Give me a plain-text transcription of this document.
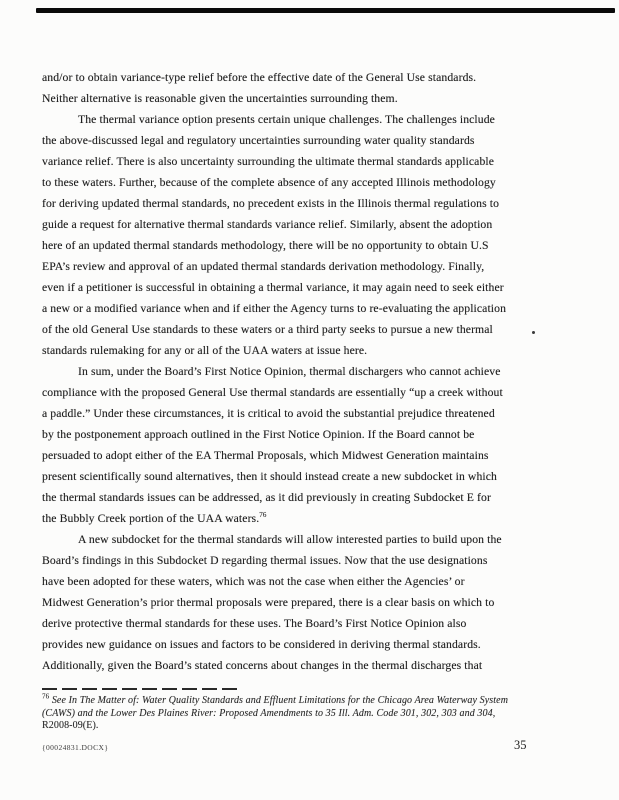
and/or to obtain variance-type relief before the effective date of the General Use standards.
Neither alternative is reasonable given the uncertainties surrounding them.
The thermal variance option presents certain unique challenges. The challenges include
the above-discussed legal and regulatory uncertainties surrounding water quality standards
variance relief. There is also uncertainty surrounding the ultimate thermal standards applicable
to these waters. Further, because of the complete absence of any accepted Illinois methodology
for deriving updated thermal standards, no precedent exists in the Illinois thermal regulations to
guide a request for alternative thermal standards variance relief. Similarly, absent the adoption
here of an updated thermal standards methodology, there will be no opportunity to obtain U.S
EPA’s review and approval of an updated thermal standards derivation methodology. Finally,
even if a petitioner is successful in obtaining a thermal variance, it may again need to seek either
a new or a modified variance when and if either the Agency turns to re-evaluating the application
of the old General Use standards to these waters or a third party seeks to pursue a new thermal
standards rulemaking for any or all of the UAA waters at issue here.
In sum, under the Board’s First Notice Opinion, thermal dischargers who cannot achieve
compliance with the proposed General Use thermal standards are essentially “up a creek without
a paddle.” Under these circumstances, it is critical to avoid the substantial prejudice threatened
by the postponement approach outlined in the First Notice Opinion. If the Board cannot be
persuaded to adopt either of the EA Thermal Proposals, which Midwest Generation maintains
present scientifically sound alternatives, then it should instead create a new subdocket in which
the thermal standards issues can be addressed, as it did previously in creating Subdocket E for
the Bubbly Creek portion of the UAA waters.$^{76}$
A new subdocket for the thermal standards will allow interested parties to build upon the
Board’s findings in this Subdocket D regarding thermal issues. Now that the use designations
have been adopted for these waters, which was not the case when either the Agencies’ or
Midwest Generation’s prior thermal proposals were prepared, there is a clear basis on which to
derive protective thermal standards for these uses. The Board’s First Notice Opinion also
provides new guidance on issues and factors to be considered in deriving thermal standards.
Additionally, given the Board’s stated concerns about changes in the thermal discharges that
$^{76}$ See In The Matter of: Water Quality Standards and Effluent Limitations for the Chicago Area Waterway System
(CAWS) and the Lower Des Plaines River: Proposed Amendments to 35 Ill. Adm. Code 301, 302, 303 and 304,
R2008-09(E).
{00024831.DOCX}	35
